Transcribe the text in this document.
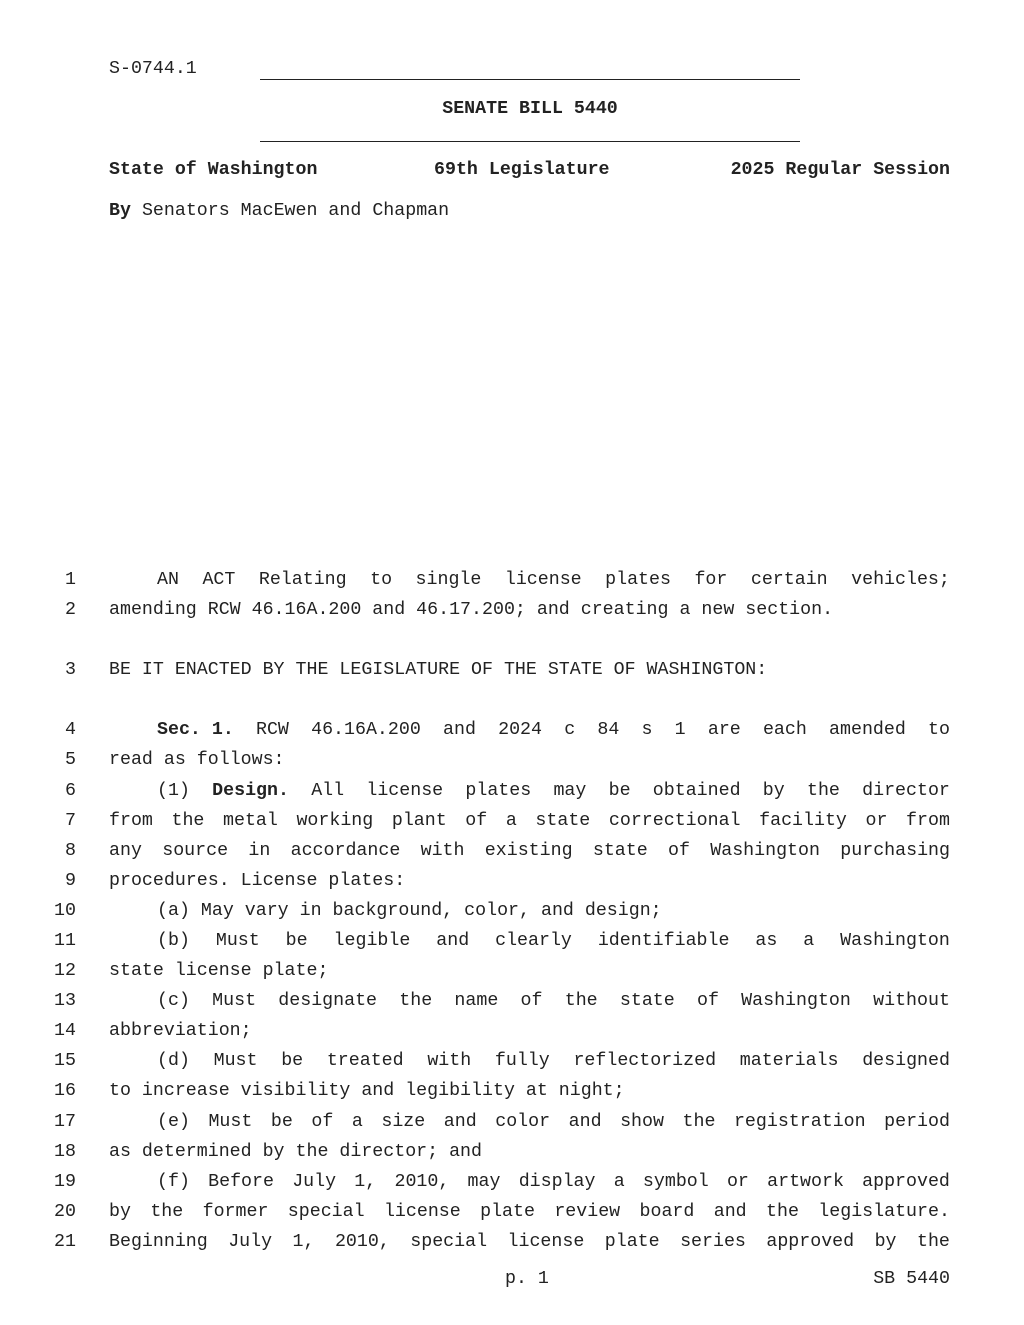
S-0744.1
SENATE BILL 5440
State of Washington	69th Legislature	2025 Regular Session
By Senators MacEwen and Chapman
1	AN ACT Relating to single license plates for certain vehicles;
2 amending RCW 46.16A.200 and 46.17.200; and creating a new section.
3 BE IT ENACTED BY THE LEGISLATURE OF THE STATE OF WASHINGTON:
4	Sec. 1. RCW 46.16A.200 and 2024 c 84 s 1 are each amended to
5 read as follows:
6	(1) Design. All license plates may be obtained by the director
7 from the metal working plant of a state correctional facility or from
8 any source in accordance with existing state of Washington purchasing
9 procedures. License plates:
10	(a) May vary in background, color, and design;
11	(b) Must be legible and clearly identifiable as a Washington
12 state license plate;
13	(c) Must designate the name of the state of Washington without
14 abbreviation;
15	(d) Must be treated with fully reflectorized materials designed
16 to increase visibility and legibility at night;
17	(e) Must be of a size and color and show the registration period
18 as determined by the director; and
19	(f) Before July 1, 2010, may display a symbol or artwork approved
20 by the former special license plate review board and the legislature.
21 Beginning July 1, 2010, special license plate series approved by the
p. 1	SB 5440
